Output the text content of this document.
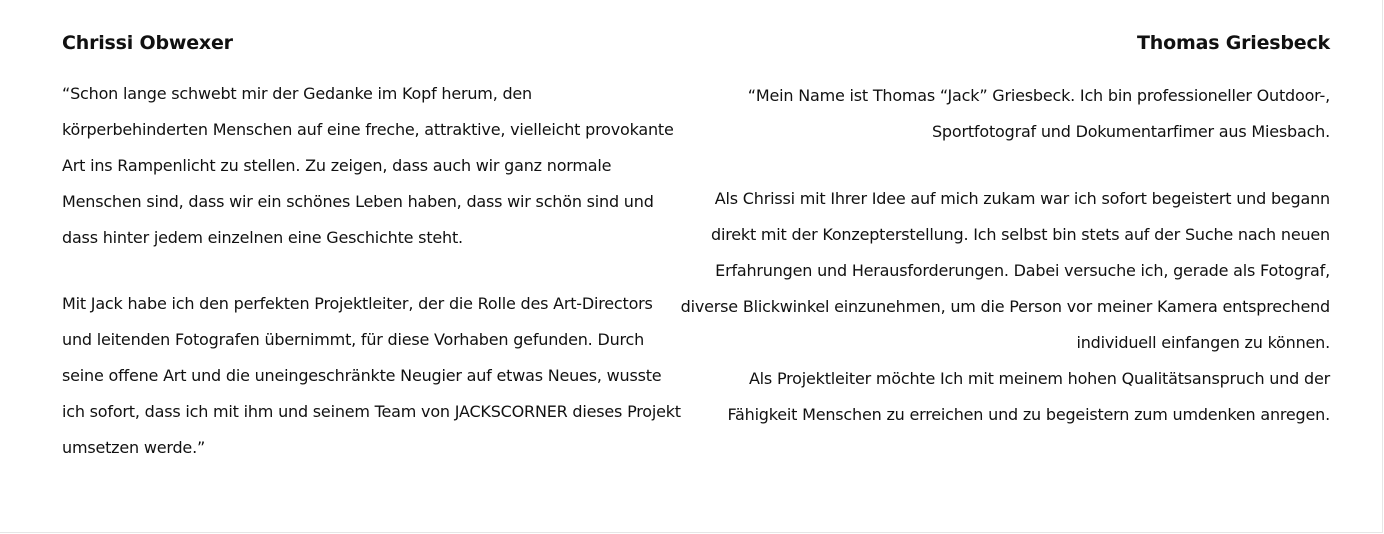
Chrissi Obwexer

“Schon lange schwebt mir der Gedanke im Kopf herum, den körperbehinderten Menschen auf eine freche, attraktive, vielleicht provokante Art ins Rampenlicht zu stellen. Zu zeigen, dass auch wir ganz normale Menschen sind, dass wir ein schönes Leben haben, dass wir schön sind und dass hinter jedem einzelnen eine Geschichte steht.

Mit Jack habe ich den perfekten Projektleiter, der die Rolle des Art-Directors und leitenden Fotografen übernimmt, für diese Vorhaben gefunden. Durch seine offene Art und die uneingeschränkte Neugier auf etwas Neues, wusste ich sofort, dass ich mit ihm und seinem Team von JACKSCORNER dieses Projekt umsetzen werde.”

Thomas Griesbeck

“Mein Name ist Thomas “Jack” Griesbeck. Ich bin professioneller Outdoor-, Sportfotograf und Dokumentarfimer aus Miesbach.

Als Chrissi mit Ihrer Idee auf mich zukam war ich sofort begeistert und begann direkt mit der Konzepterstellung. Ich selbst bin stets auf der Suche nach neuen Erfahrungen und Herausforderungen. Dabei versuche ich, gerade als Fotograf, diverse Blickwinkel einzunehmen, um die Person vor meiner Kamera entsprechend individuell einfangen zu können.

Als Projektleiter möchte Ich mit meinem hohen Qualitätsanspruch und der Fähigkeit Menschen zu erreichen und zu begeistern zum umdenken anregen.
